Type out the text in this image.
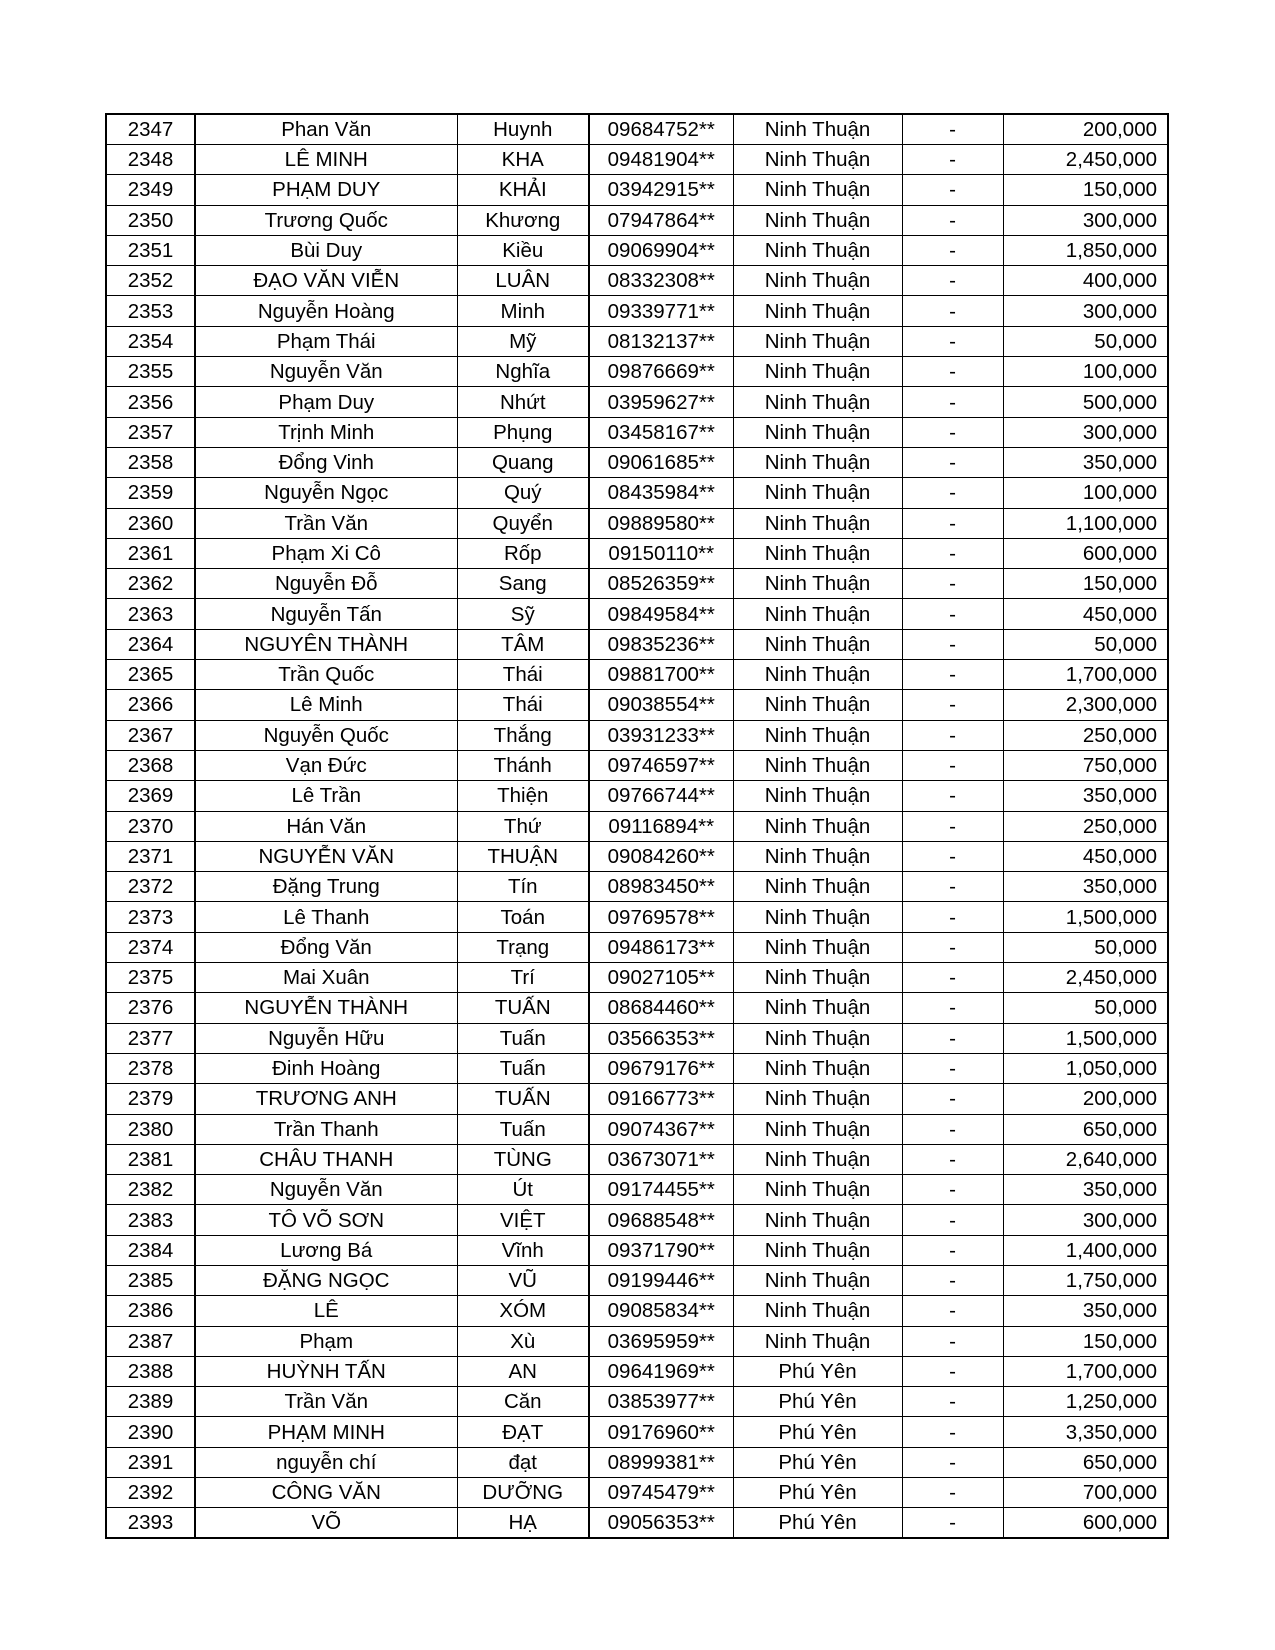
2347	Phan Văn	Huynh	09684752**	Ninh Thuận	-	200,000
2348	LÊ MINH	KHA	09481904**	Ninh Thuận	-	2,450,000
2349	PHẠM DUY	KHẢI	03942915**	Ninh Thuận	-	150,000
2350	Trương Quốc	Khương	07947864**	Ninh Thuận	-	300,000
2351	Bùi Duy	Kiều	09069904**	Ninh Thuận	-	1,850,000
2352	ĐẠO VĂN VIỄN	LUÂN	08332308**	Ninh Thuận	-	400,000
2353	Nguyễn Hoàng	Minh	09339771**	Ninh Thuận	-	300,000
2354	Phạm Thái	Mỹ	08132137**	Ninh Thuận	-	50,000
2355	Nguyễn Văn	Nghĩa	09876669**	Ninh Thuận	-	100,000
2356	Phạm Duy	Nhứt	03959627**	Ninh Thuận	-	500,000
2357	Trịnh Minh	Phụng	03458167**	Ninh Thuận	-	300,000
2358	Đổng Vinh	Quang	09061685**	Ninh Thuận	-	350,000
2359	Nguyễn Ngọc	Quý	08435984**	Ninh Thuận	-	100,000
2360	Trần Văn	Quyển	09889580**	Ninh Thuận	-	1,100,000
2361	Phạm Xi Cô	Rốp	09150110**	Ninh Thuận	-	600,000
2362	Nguyễn Đỗ	Sang	08526359**	Ninh Thuận	-	150,000
2363	Nguyễn Tấn	Sỹ	09849584**	Ninh Thuận	-	450,000
2364	NGUYÊN THÀNH	TÂM	09835236**	Ninh Thuận	-	50,000
2365	Trần Quốc	Thái	09881700**	Ninh Thuận	-	1,700,000
2366	Lê Minh	Thái	09038554**	Ninh Thuận	-	2,300,000
2367	Nguyễn Quốc	Thắng	03931233**	Ninh Thuận	-	250,000
2368	Vạn Đức	Thánh	09746597**	Ninh Thuận	-	750,000
2369	Lê Trần	Thiện	09766744**	Ninh Thuận	-	350,000
2370	Hán Văn	Thứ	09116894**	Ninh Thuận	-	250,000
2371	NGUYỄN VĂN	THUẬN	09084260**	Ninh Thuận	-	450,000
2372	Đặng Trung	Tín	08983450**	Ninh Thuận	-	350,000
2373	Lê Thanh	Toán	09769578**	Ninh Thuận	-	1,500,000
2374	Đổng Văn	Trạng	09486173**	Ninh Thuận	-	50,000
2375	Mai Xuân	Trí	09027105**	Ninh Thuận	-	2,450,000
2376	NGUYỄN THÀNH	TUẤN	08684460**	Ninh Thuận	-	50,000
2377	Nguyễn Hữu	Tuấn	03566353**	Ninh Thuận	-	1,500,000
2378	Đinh Hoàng	Tuấn	09679176**	Ninh Thuận	-	1,050,000
2379	TRƯƠNG ANH	TUẤN	09166773**	Ninh Thuận	-	200,000
2380	Trần Thanh	Tuấn	09074367**	Ninh Thuận	-	650,000
2381	CHÂU THANH	TÙNG	03673071**	Ninh Thuận	-	2,640,000
2382	Nguyễn Văn	Út	09174455**	Ninh Thuận	-	350,000
2383	TÔ VÕ SƠN	VIỆT	09688548**	Ninh Thuận	-	300,000
2384	Lương Bá	Vĩnh	09371790**	Ninh Thuận	-	1,400,000
2385	ĐẶNG NGỌC	VŨ	09199446**	Ninh Thuận	-	1,750,000
2386	LÊ	XÓM	09085834**	Ninh Thuận	-	350,000
2387	Phạm	Xù	03695959**	Ninh Thuận	-	150,000
2388	HUỲNH TẤN	AN	09641969**	Phú Yên	-	1,700,000
2389	Trần Văn	Căn	03853977**	Phú Yên	-	1,250,000
2390	PHẠM MINH	ĐẠT	09176960**	Phú Yên	-	3,350,000
2391	nguyễn chí	đạt	08999381**	Phú Yên	-	650,000
2392	CÔNG VĂN	DƯỠNG	09745479**	Phú Yên	-	700,000
2393	VÕ	HẠ	09056353**	Phú Yên	-	600,000
